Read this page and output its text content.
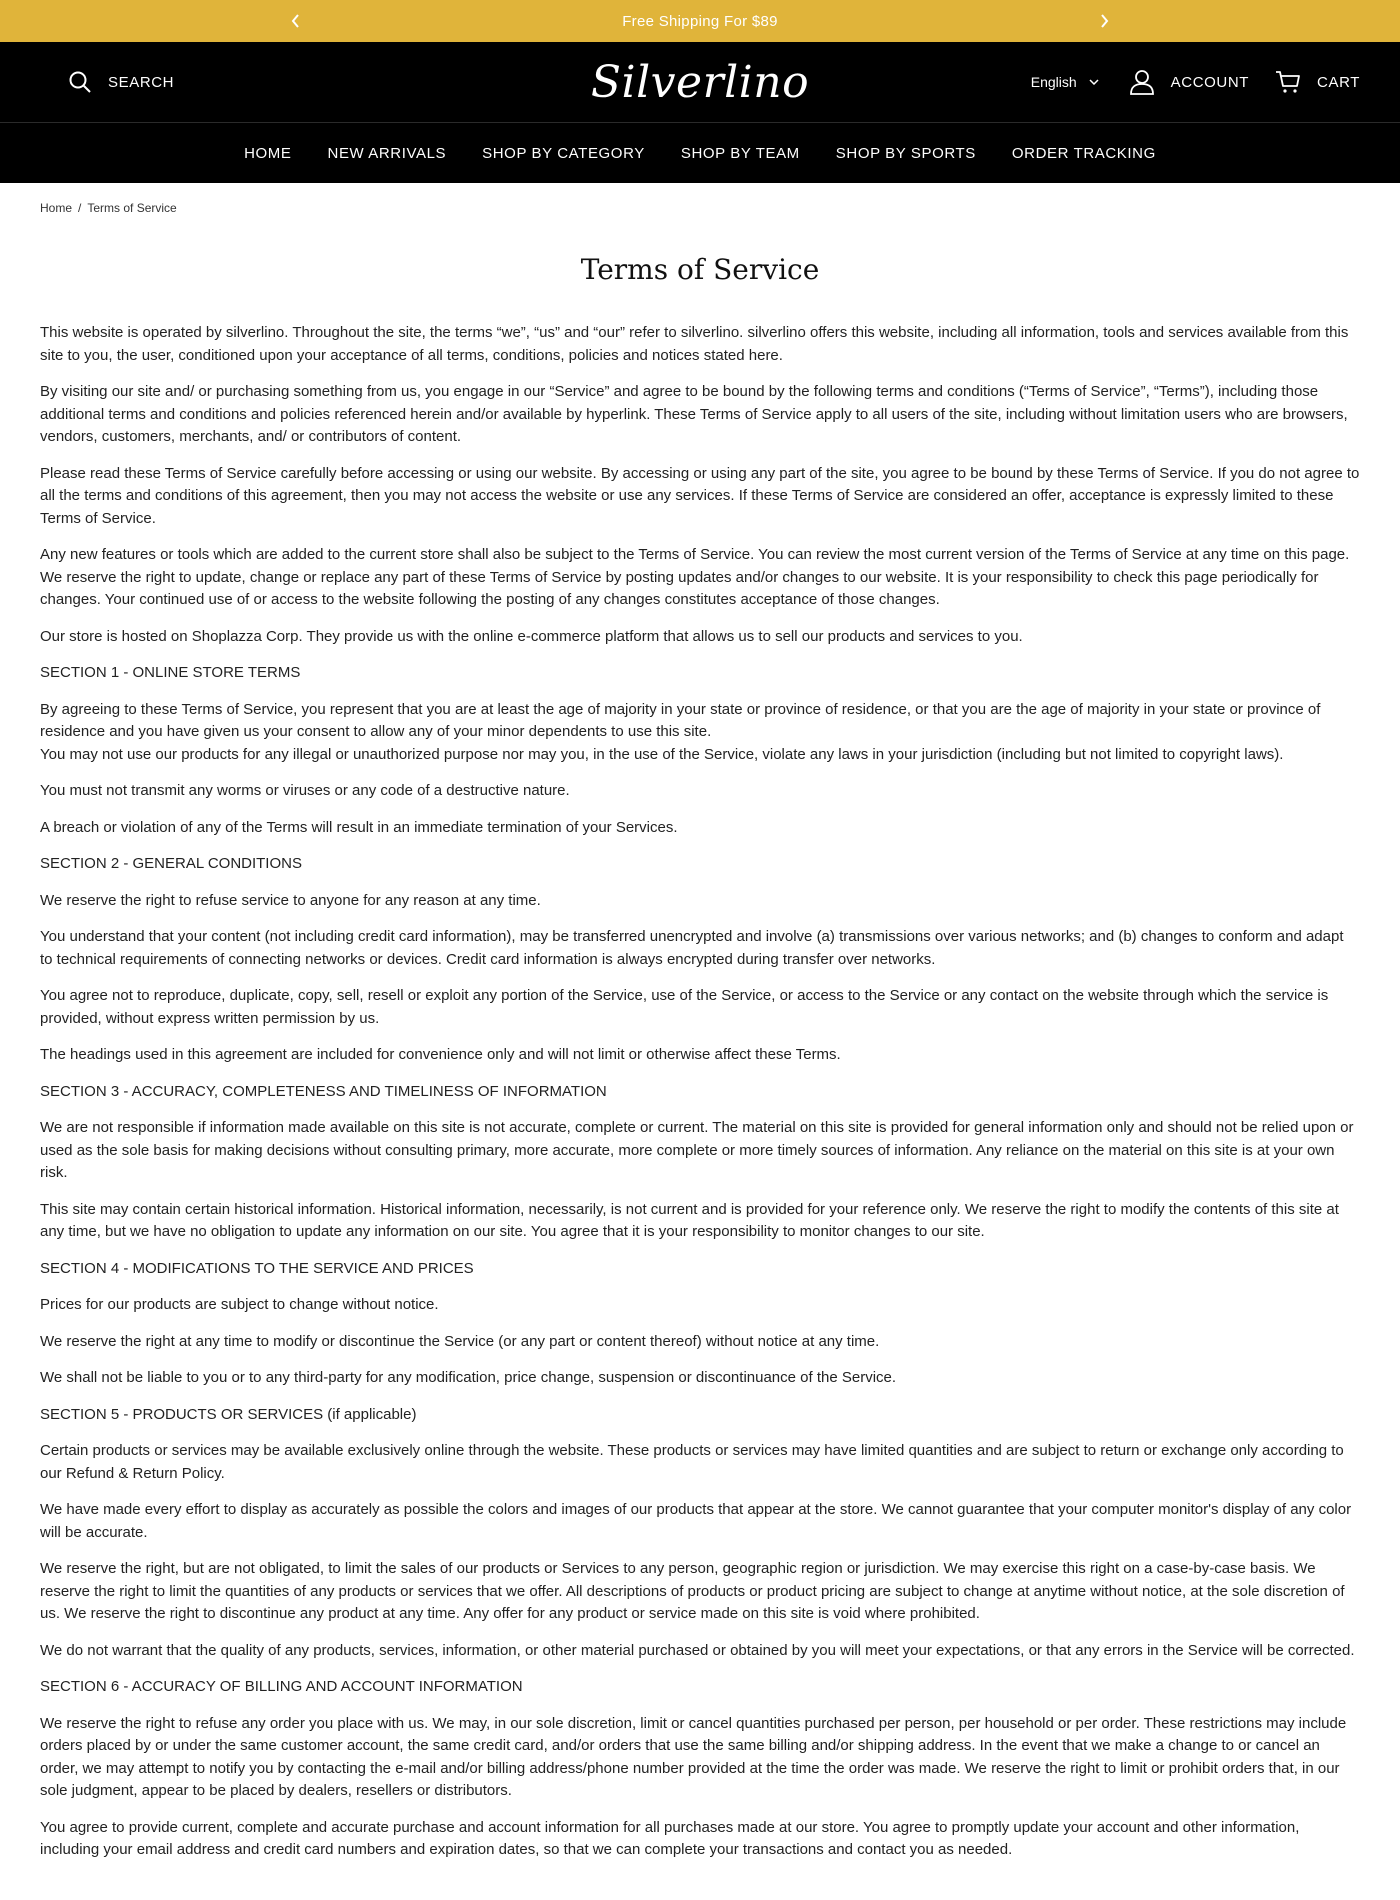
Free Shipping For $89
SEARCH	Silverlino	English	ACCOUNT	CART
HOME NEW ARRIVALS SHOP BY CATEGORY SHOP BY TEAM SHOP BY SPORTS ORDER TRACKING
Home / Terms of Service
Terms of Service

This website is operated by silverlino. Throughout the site, the terms “we”, “us” and “our” refer to silverlino. silverlino offers this website, including all information, tools and services available from this site to you, the user, conditioned upon your acceptance of all terms, conditions, policies and notices stated here.

By visiting our site and/ or purchasing something from us, you engage in our “Service” and agree to be bound by the following terms and conditions (“Terms of Service”, “Terms”), including those additional terms and conditions and policies referenced herein and/or available by hyperlink. These Terms of Service apply to all users of the site, including without limitation users who are browsers, vendors, customers, merchants, and/ or contributors of content.

Please read these Terms of Service carefully before accessing or using our website. By accessing or using any part of the site, you agree to be bound by these Terms of Service. If you do not agree to all the terms and conditions of this agreement, then you may not access the website or use any services. If these Terms of Service are considered an offer, acceptance is expressly limited to these Terms of Service.

Any new features or tools which are added to the current store shall also be subject to the Terms of Service. You can review the most current version of the Terms of Service at any time on this page. We reserve the right to update, change or replace any part of these Terms of Service by posting updates and/or changes to our website. It is your responsibility to check this page periodically for changes. Your continued use of or access to the website following the posting of any changes constitutes acceptance of those changes.

Our store is hosted on Shoplazza Corp. They provide us with the online e-commerce platform that allows us to sell our products and services to you.

SECTION 1 - ONLINE STORE TERMS

By agreeing to these Terms of Service, you represent that you are at least the age of majority in your state or province of residence, or that you are the age of majority in your state or province of residence and you have given us your consent to allow any of your minor dependents to use this site.

You may not use our products for any illegal or unauthorized purpose nor may you, in the use of the Service, violate any laws in your jurisdiction (including but not limited to copyright laws).

You must not transmit any worms or viruses or any code of a destructive nature.

A breach or violation of any of the Terms will result in an immediate termination of your Services.

SECTION 2 - GENERAL CONDITIONS

We reserve the right to refuse service to anyone for any reason at any time.

You understand that your content (not including credit card information), may be transferred unencrypted and involve (a) transmissions over various networks; and (b) changes to conform and adapt to technical requirements of connecting networks or devices. Credit card information is always encrypted during transfer over networks.

You agree not to reproduce, duplicate, copy, sell, resell or exploit any portion of the Service, use of the Service, or access to the Service or any contact on the website through which the service is provided, without express written permission by us.

The headings used in this agreement are included for convenience only and will not limit or otherwise affect these Terms.

SECTION 3 - ACCURACY, COMPLETENESS AND TIMELINESS OF INFORMATION

We are not responsible if information made available on this site is not accurate, complete or current. The material on this site is provided for general information only and should not be relied upon or used as the sole basis for making decisions without consulting primary, more accurate, more complete or more timely sources of information. Any reliance on the material on this site is at your own risk.

This site may contain certain historical information. Historical information, necessarily, is not current and is provided for your reference only. We reserve the right to modify the contents of this site at any time, but we have no obligation to update any information on our site. You agree that it is your responsibility to monitor changes to our site.

SECTION 4 - MODIFICATIONS TO THE SERVICE AND PRICES

Prices for our products are subject to change without notice.

We reserve the right at any time to modify or discontinue the Service (or any part or content thereof) without notice at any time.

We shall not be liable to you or to any third-party for any modification, price change, suspension or discontinuance of the Service.

SECTION 5 - PRODUCTS OR SERVICES (if applicable)

Certain products or services may be available exclusively online through the website. These products or services may have limited quantities and are subject to return or exchange only according to our Refund & Return Policy.

We have made every effort to display as accurately as possible the colors and images of our products that appear at the store. We cannot guarantee that your computer monitor's display of any color will be accurate.

We reserve the right, but are not obligated, to limit the sales of our products or Services to any person, geographic region or jurisdiction. We may exercise this right on a case-by-case basis. We reserve the right to limit the quantities of any products or services that we offer. All descriptions of products or product pricing are subject to change at anytime without notice, at the sole discretion of us. We reserve the right to discontinue any product at any time. Any offer for any product or service made on this site is void where prohibited.

We do not warrant that the quality of any products, services, information, or other material purchased or obtained by you will meet your expectations, or that any errors in the Service will be corrected.

SECTION 6 - ACCURACY OF BILLING AND ACCOUNT INFORMATION

We reserve the right to refuse any order you place with us. We may, in our sole discretion, limit or cancel quantities purchased per person, per household or per order. These restrictions may include orders placed by or under the same customer account, the same credit card, and/or orders that use the same billing and/or shipping address. In the event that we make a change to or cancel an order, we may attempt to notify you by contacting the e-mail and/or billing address/phone number provided at the time the order was made. We reserve the right to limit or prohibit orders that, in our sole judgment, appear to be placed by dealers, resellers or distributors.

You agree to provide current, complete and accurate purchase and account information for all purchases made at our store. You agree to promptly update your account and other information, including your email address and credit card numbers and expiration dates, so that we can complete your transactions and contact you as needed.
